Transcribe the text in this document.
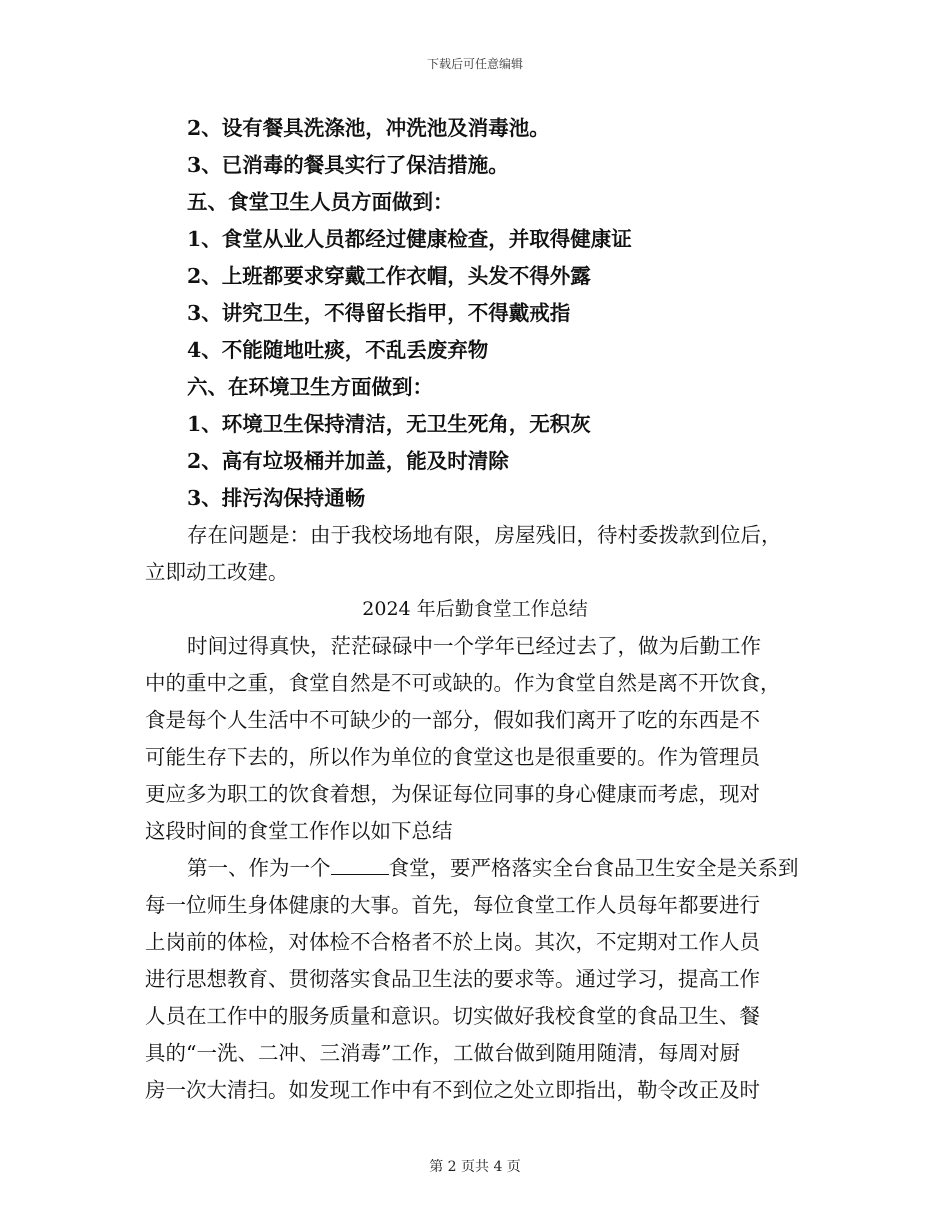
下载后可任意编辑
2、设有餐具洗涤池，冲洗池及消毒池。
3、已消毒的餐具实行了保洁措施。
五、食堂卫生人员方面做到：
1、食堂从业人员都经过健康检查，并取得健康证
2、上班都要求穿戴工作衣帽，头发不得外露
3、讲究卫生，不得留长指甲，不得戴戒指
4、不能随地吐痰，不乱丢废弃物
六、在环境卫生方面做到：
1、环境卫生保持清洁，无卫生死角，无积灰
2、高有垃圾桶并加盖，能及时清除
3、排污沟保持通畅
存在问题是：由于我校场地有限，房屋残旧，待村委拨款到位后，
立即动工改建。
2024 年后勤食堂工作总结
时间过得真快，茫茫碌碌中一个学年已经过去了，做为后勤工作
中的重中之重，食堂自然是不可或缺的。作为食堂自然是离不开饮食，
食是每个人生活中不可缺少的一部分，假如我们离开了吃的东西是不
可能生存下去的，所以作为单位的食堂这也是很重要的。作为管理员
更应多为职工的饮食着想，为保证每位同事的身心健康而考虑，现对
这段时间的食堂工作作以如下总结
第一、作为一个	食堂，要严格落实全台食品卫生安全是关系到
每一位师生身体健康的大事。首先，每位食堂工作人员每年都要进行
上岗前的体检，对体检不合格者不於上岗。其次，不定期对工作人员
进行思想教育、贯彻落实食品卫生法的要求等。通过学习，提高工作
人员在工作中的服务质量和意识。切实做好我校食堂的食品卫生、餐
具的“一洗、二冲、三消毒”工作，工做台做到随用随清，每周对厨
房一次大清扫。如发现工作中有不到位之处立即指出，勒令改正及时
第 2 页共 4 页
